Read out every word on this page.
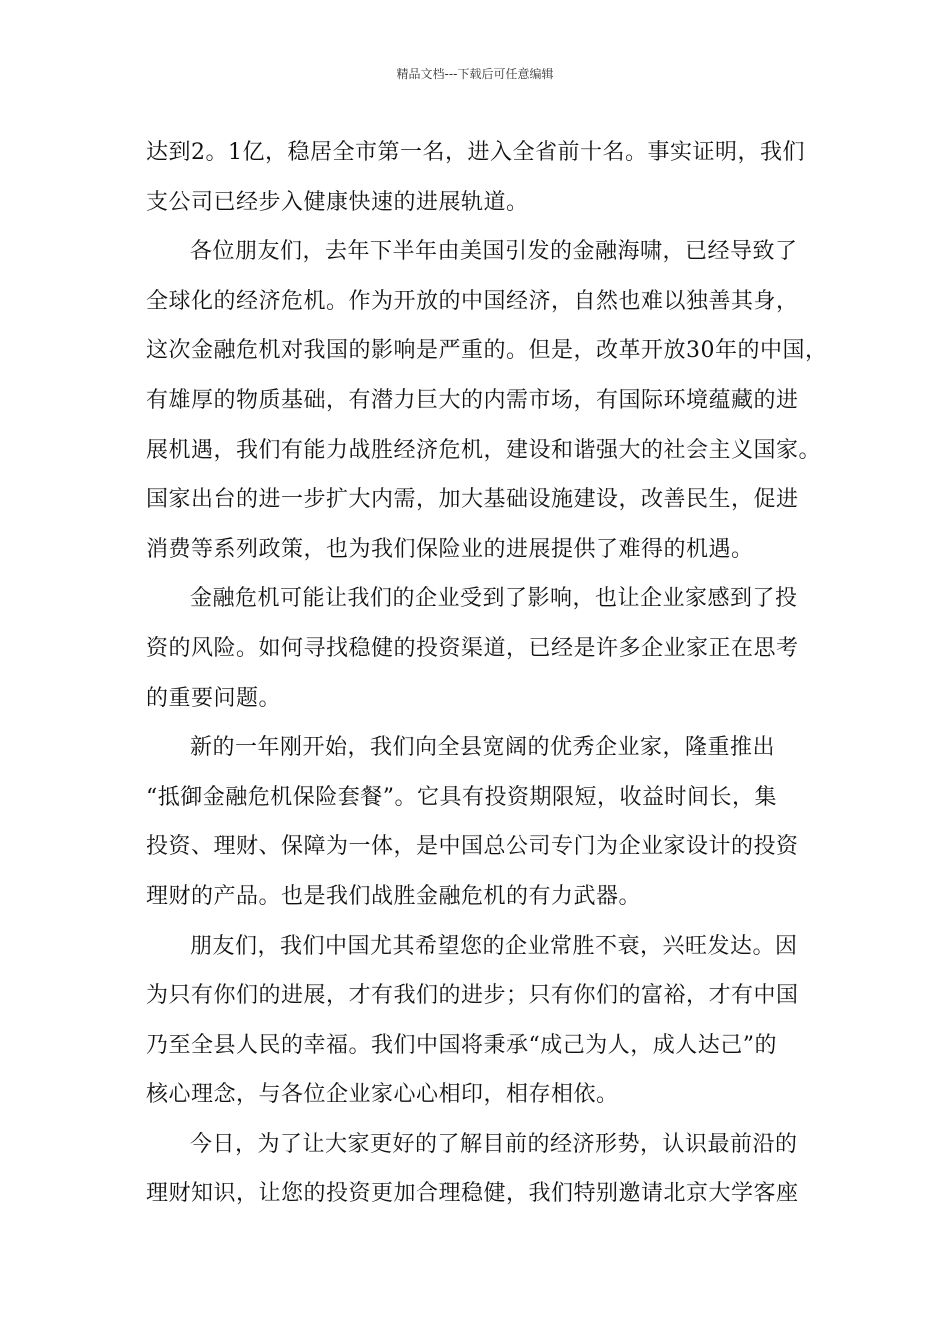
精品文档---下载后可任意编辑
达到2。1亿，稳居全市第一名，进入全省前十名。事实证明，我们
支公司已经步入健康快速的进展轨道。
各位朋友们，去年下半年由美国引发的金融海啸，已经导致了
全球化的经济危机。作为开放的中国经济，自然也难以独善其身，
这次金融危机对我国的影响是严重的。但是，改革开放30年的中国，
有雄厚的物质基础，有潜力巨大的内需市场，有国际环境蕴藏的进
展机遇，我们有能力战胜经济危机，建设和谐强大的社会主义国家。
国家出台的进一步扩大内需，加大基础设施建设，改善民生，促进
消费等系列政策，也为我们保险业的进展提供了难得的机遇。
金融危机可能让我们的企业受到了影响，也让企业家感到了投
资的风险。如何寻找稳健的投资渠道，已经是许多企业家正在思考
的重要问题。
新的一年刚开始，我们向全县宽阔的优秀企业家，隆重推出
“抵御金融危机保险套餐”。它具有投资期限短，收益时间长，集
投资、理财、保障为一体，是中国总公司专门为企业家设计的投资
理财的产品。也是我们战胜金融危机的有力武器。
朋友们，我们中国尤其希望您的企业常胜不衰，兴旺发达。因
为只有你们的进展，才有我们的进步；只有你们的富裕，才有中国
乃至全县人民的幸福。我们中国将秉承“成己为人，成人达己”的
核心理念，与各位企业家心心相印，相存相依。
今日，为了让大家更好的了解目前的经济形势，认识最前沿的
理财知识，让您的投资更加合理稳健，我们特别邀请北京大学客座
